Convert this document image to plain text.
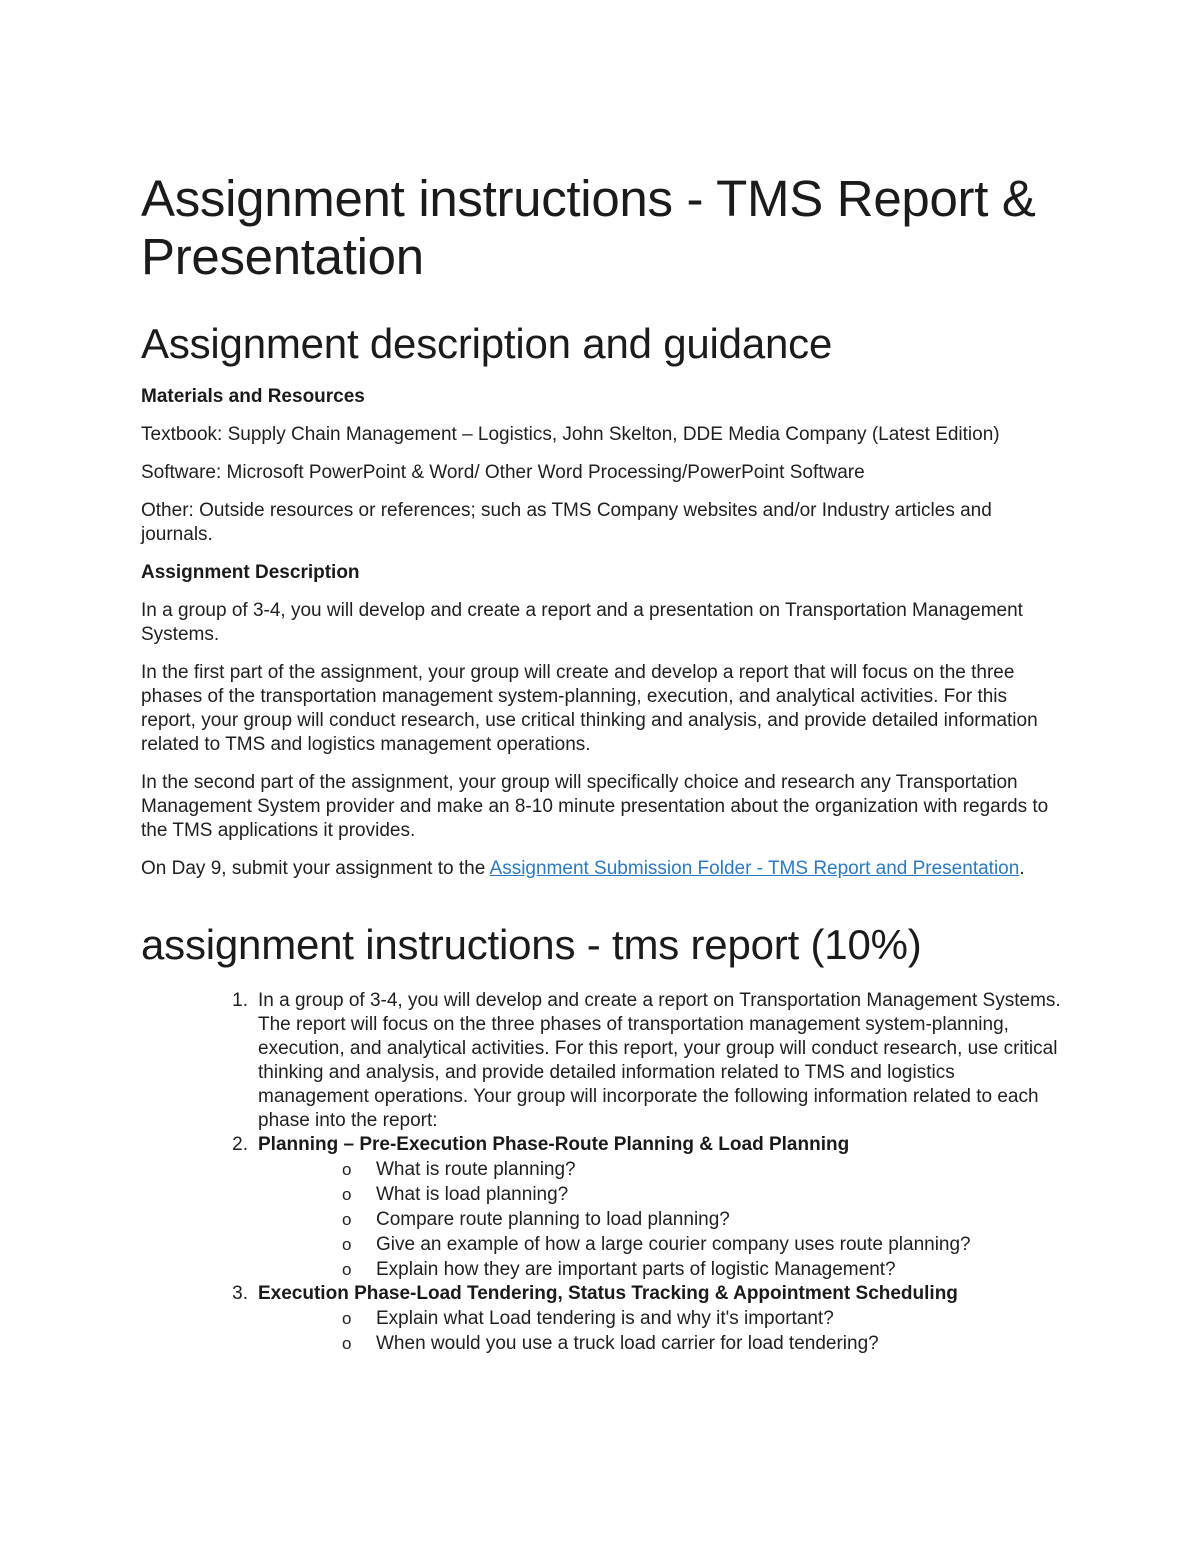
Assignment instructions - TMS Report & Presentation
Assignment description and guidance
Materials and Resources

Textbook: Supply Chain Management – Logistics, John Skelton, DDE Media Company (Latest Edition)

Software: Microsoft PowerPoint & Word/ Other Word Processing/PowerPoint Software

Other: Outside resources or references; such as TMS Company websites and/or Industry articles and journals.

Assignment Description

In a group of 3-4, you will develop and create a report and a presentation on Transportation Management Systems.

In the first part of the assignment, your group will create and develop a report that will focus on the three phases of the transportation management system-planning, execution, and analytical activities. For this report, your group will conduct research, use critical thinking and analysis, and provide detailed information related to TMS and logistics management operations.

In the second part of the assignment, your group will specifically choice and research any Transportation Management System provider and make an 8-10 minute presentation about the organization with regards to the TMS applications it provides.

On Day 9, submit your assignment to the Assignment Submission Folder - TMS Report and Presentation.

assignment instructions - tms report (10%)
1. In a group of 3-4, you will develop and create a report on Transportation Management Systems. The report will focus on the three phases of transportation management system-planning, execution, and analytical activities. For this report, your group will conduct research, use critical thinking and analysis, and provide detailed information related to TMS and logistics management operations. Your group will incorporate the following information related to each phase into the report:
2. Planning – Pre-Execution Phase-Route Planning & Load Planning
o What is route planning?
o What is load planning?
o Compare route planning to load planning?
o Give an example of how a large courier company uses route planning?
o Explain how they are important parts of logistic Management?
3. Execution Phase-Load Tendering, Status Tracking & Appointment Scheduling
o Explain what Load tendering is and why it's important?
o When would you use a truck load carrier for load tendering?
